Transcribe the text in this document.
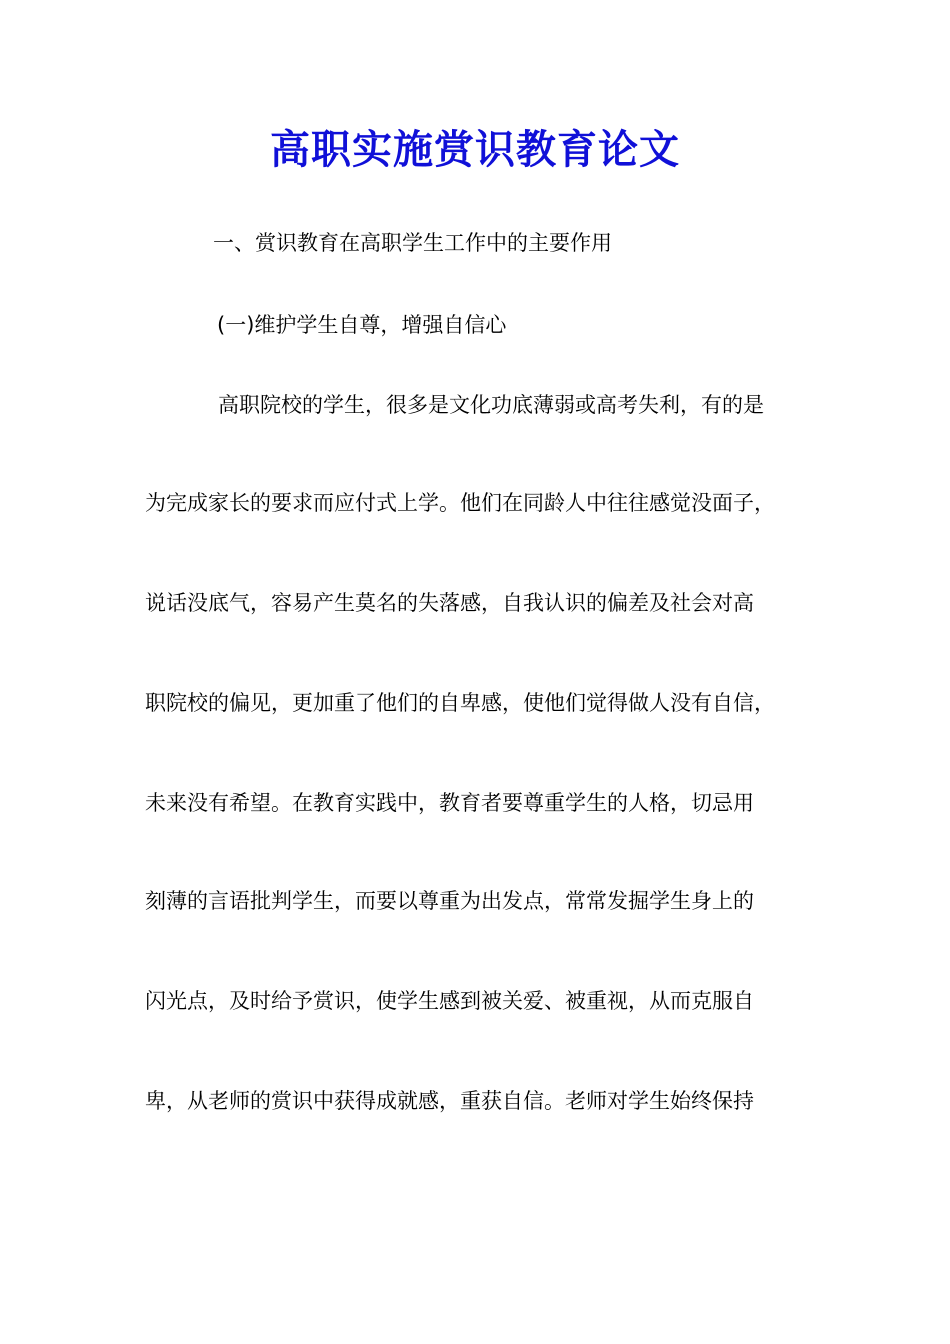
高职实施赏识教育论文
一、赏识教育在高职学生工作中的主要作用
(一)维护学生自尊，增强自信心
高职院校的学生，很多是文化功底薄弱或高考失利，有的是
为完成家长的要求而应付式上学。他们在同龄人中往往感觉没面子，
说话没底气，容易产生莫名的失落感，自我认识的偏差及社会对高
职院校的偏见，更加重了他们的自卑感，使他们觉得做人没有自信，
未来没有希望。在教育实践中，教育者要尊重学生的人格，切忌用
刻薄的言语批判学生，而要以尊重为出发点，常常发掘学生身上的
闪光点，及时给予赏识，使学生感到被关爱、被重视，从而克服自
卑，从老师的赏识中获得成就感，重获自信。老师对学生始终保持
